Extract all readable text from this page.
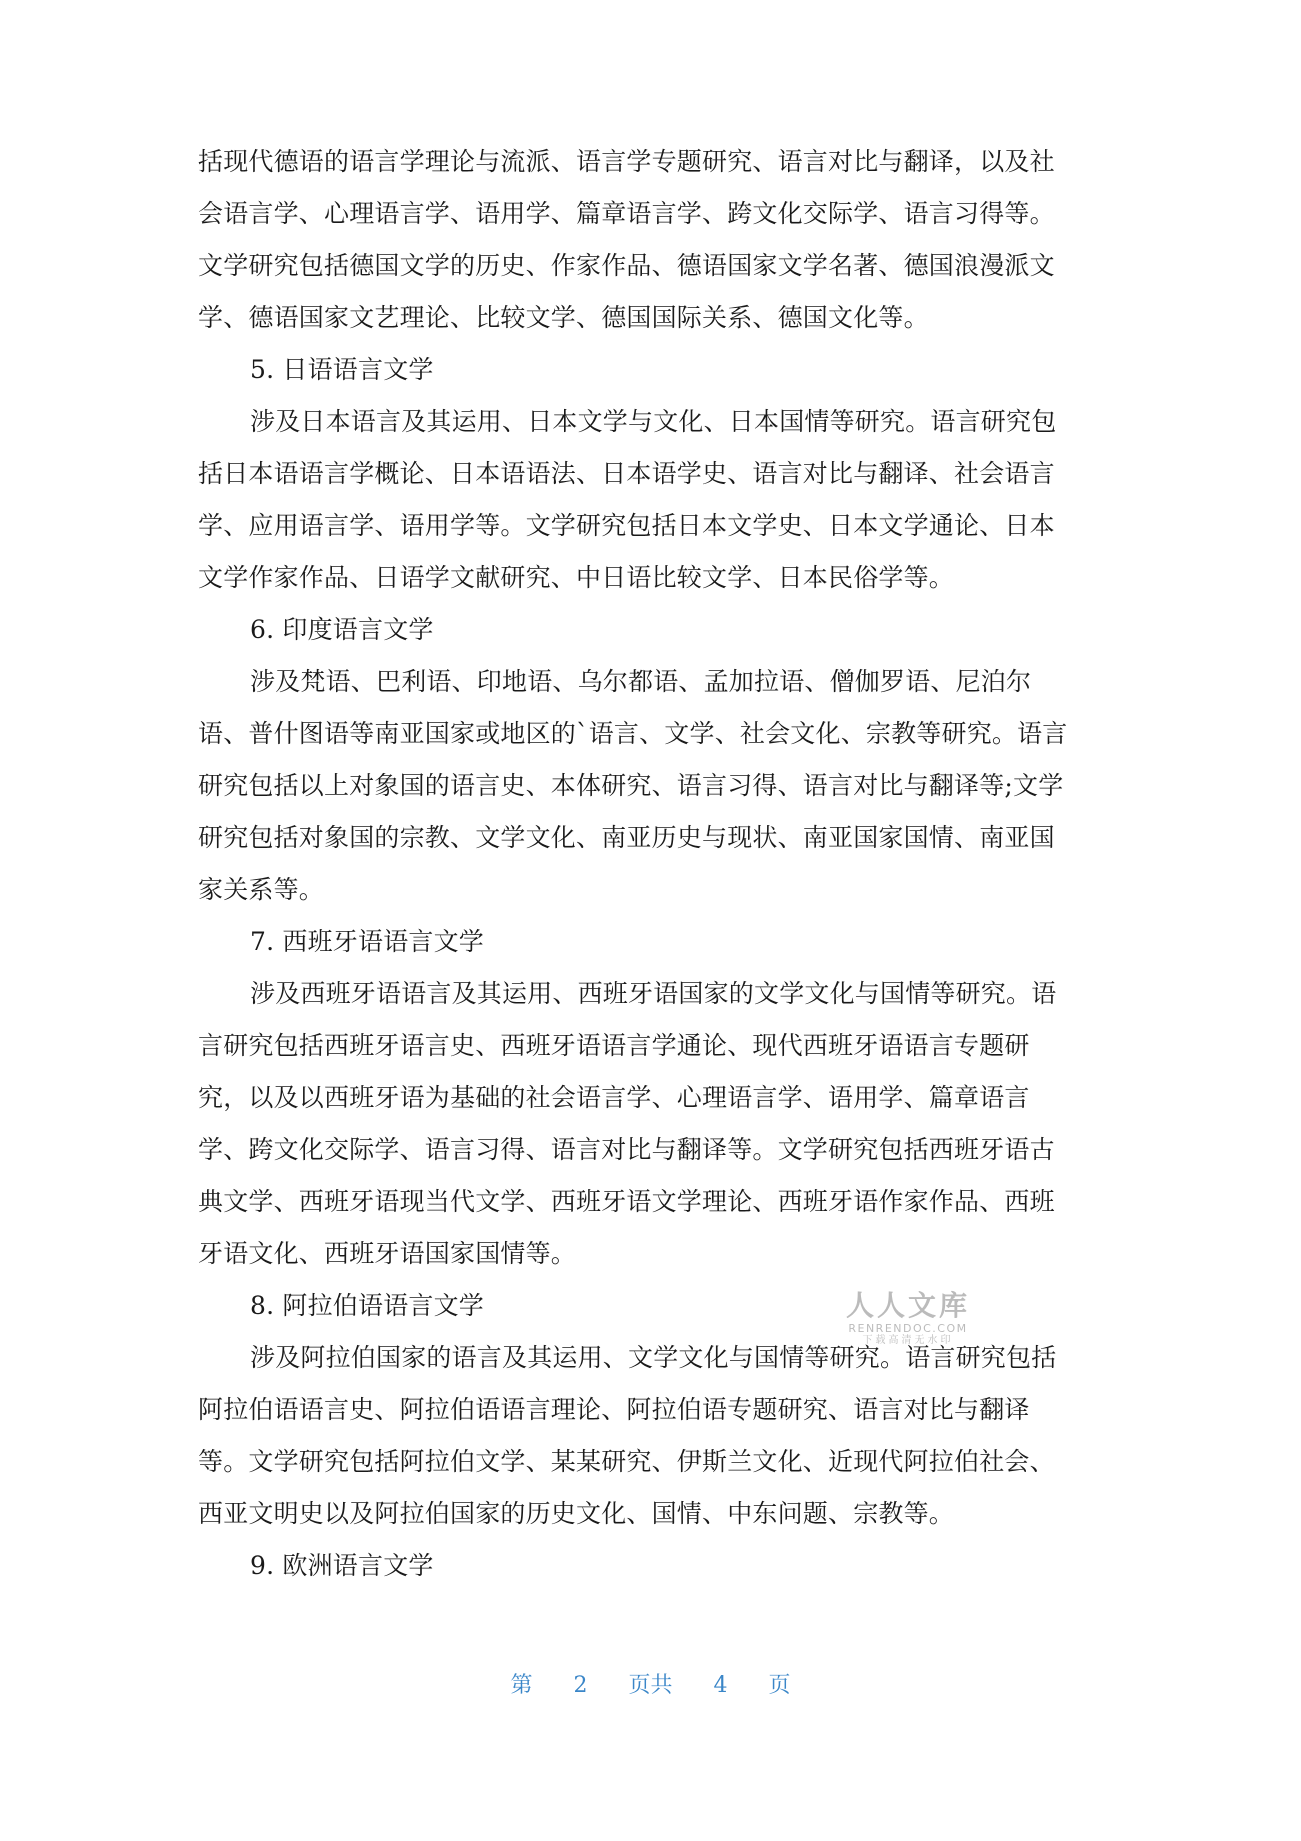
括现代德语的语言学理论与流派、语言学专题研究、语言对比与翻译，以及社
会语言学、心理语言学、语用学、篇章语言学、跨文化交际学、语言习得等。
文学研究包括德国文学的历史、作家作品、德语国家文学名著、德国浪漫派文
学、德语国家文艺理论、比较文学、德国国际关系、德国文化等。
5. 日语语言文学
涉及日本语言及其运用、日本文学与文化、日本国情等研究。语言研究包
括日本语语言学概论、日本语语法、日本语学史、语言对比与翻译、社会语言
学、应用语言学、语用学等。文学研究包括日本文学史、日本文学通论、日本
文学作家作品、日语学文献研究、中日语比较文学、日本民俗学等。
6. 印度语言文学
涉及梵语、巴利语、印地语、乌尔都语、孟加拉语、僧伽罗语、尼泊尔
语、普什图语等南亚国家或地区的`语言、文学、社会文化、宗教等研究。语言
研究包括以上对象国的语言史、本体研究、语言习得、语言对比与翻译等;文学
研究包括对象国的宗教、文学文化、南亚历史与现状、南亚国家国情、南亚国
家关系等。
7. 西班牙语语言文学
涉及西班牙语语言及其运用、西班牙语国家的文学文化与国情等研究。语
言研究包括西班牙语言史、西班牙语语言学通论、现代西班牙语语言专题研
究，以及以西班牙语为基础的社会语言学、心理语言学、语用学、篇章语言
学、跨文化交际学、语言习得、语言对比与翻译等。文学研究包括西班牙语古
典文学、西班牙语现当代文学、西班牙语文学理论、西班牙语作家作品、西班
牙语文化、西班牙语国家国情等。
8. 阿拉伯语语言文学
涉及阿拉伯国家的语言及其运用、文学文化与国情等研究。语言研究包括
阿拉伯语语言史、阿拉伯语语言理论、阿拉伯语专题研究、语言对比与翻译
等。文学研究包括阿拉伯文学、某某研究、伊斯兰文化、近现代阿拉伯社会、
西亚文明史以及阿拉伯国家的历史文化、国情、中东问题、宗教等。
9. 欧洲语言文学
人人文库
RENRENDOC.COM
下载高清无水印
第 2 页共 4 页
